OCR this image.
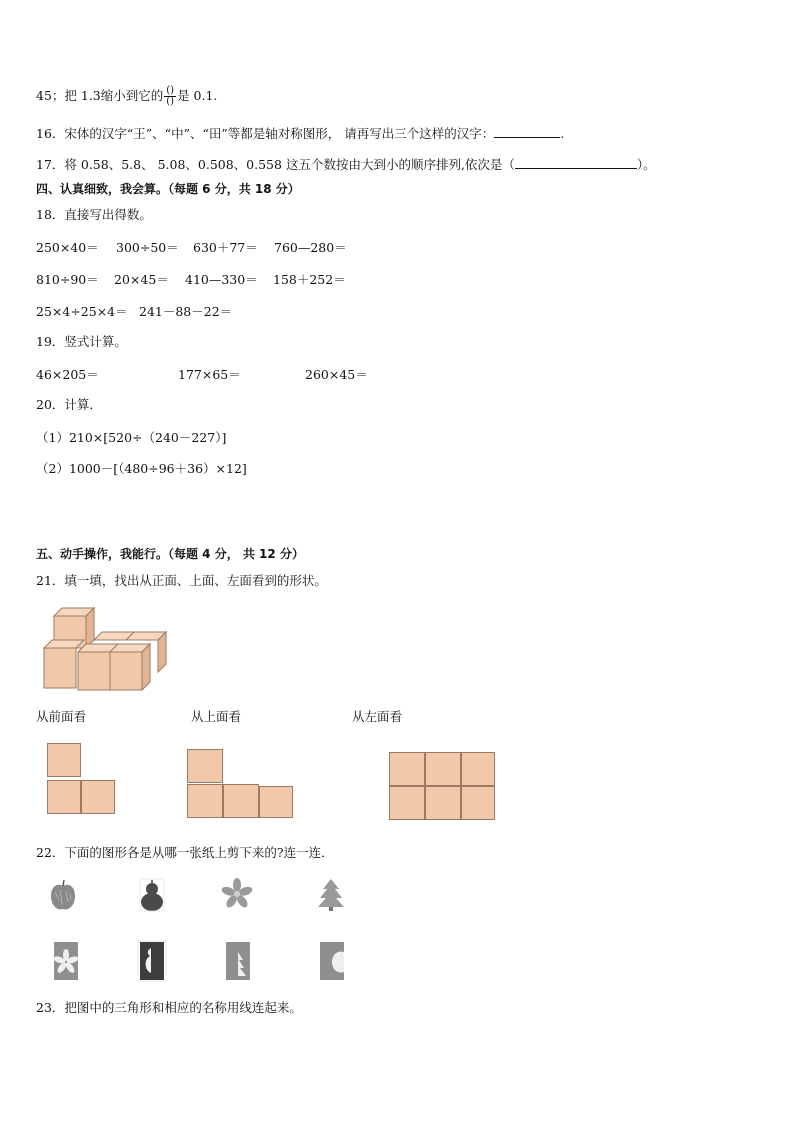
45；把 1.3缩小到它的 $\frac{()}{()}$ 是 0.1.
16．宋体的汉字“王”、“中”、“田”等都是轴对称图形， 请再写出三个这样的汉字：	.
17．将 0.58、5.8、 5.08、0.508、0.558 这五个数按由大到小的顺序排列,依次是（	）。
四、认真细致，我会算。（每题 6 分，共 18 分）
18．直接写出得数。
250×40＝ 300÷50＝ 630＋77＝ 760—280＝
810÷90＝ 20×45＝ 410—330＝ 158＋252＝
25×4÷25×4＝ 241－88－22＝
19．竖式计算。
46×205＝	177×65＝	260×45＝
20．计算．
（1）210×[520÷（240－227）]
（2）1000－[（480÷96＋36）×12]
五、动手操作，我能行。（每题 4 分， 共 12 分）
21．填一填，找出从正面、上面、左面看到的形状。
从前面看	从上面看	从左面看
22．下面的图形各是从哪一张纸上剪下来的?连一连．
23．把图中的三角形和相应的名称用线连起来。
